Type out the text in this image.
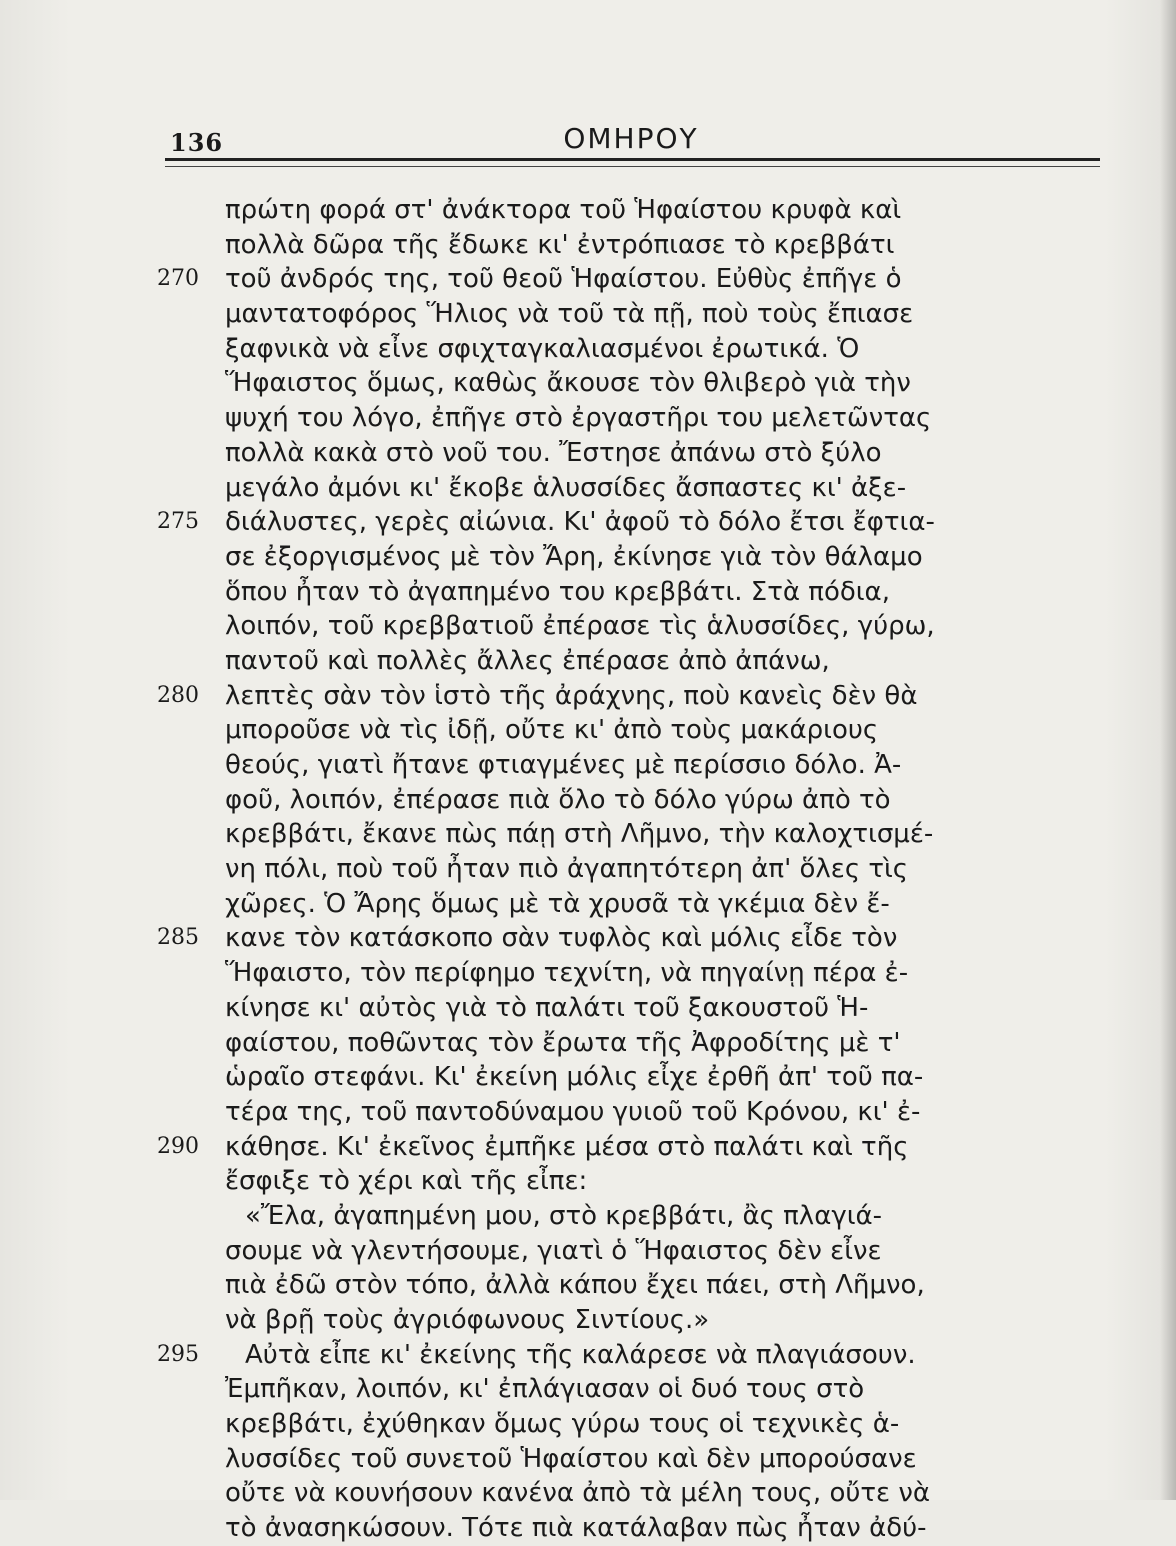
136	ΟΜΗΡΟΥ
πρώτη φορά στ' ἀνάκτορα τοῦ Ἡφαίστου κρυφὰ καὶ
πολλὰ δῶρα τῆς ἔδωκε κι' ἐντρόπιασε τὸ κρεββάτι
270 τοῦ ἀνδρός της, τοῦ θεοῦ Ἡφαίστου. Εὐθὺς ἐπῆγε ὁ
μαντατοφόρος Ἥλιος νὰ τοῦ τὰ πῇ, ποὺ τοὺς ἔπιασε
ξαφνικὰ νὰ εἶνε σφιχταγκαλιασμένοι ἐρωτικά. Ὁ
Ἥφαιστος ὅμως, καθὼς ἄκουσε τὸν θλιβερὸ γιὰ τὴν
ψυχή του λόγο, ἐπῆγε στὸ ἐργαστῆρι του μελετῶντας
πολλὰ κακὰ στὸ νοῦ του. Ἔστησε ἀπάνω στὸ ξύλο
μεγάλο ἀμόνι κι' ἔκοβε ἁλυσσίδες ἄσπαστες κι' ἀξε-
275 διάλυστες, γερὲς αἰώνια. Κι' ἀφοῦ τὸ δόλο ἔτσι ἔφτια-
σε ἐξοργισμένος μὲ τὸν Ἄρη, ἐκίνησε γιὰ τὸν θάλαμο
ὅπου ἦταν τὸ ἀγαπημένο του κρεββάτι. Στὰ πόδια,
λοιπόν, τοῦ κρεββατιοῦ ἐπέρασε τὶς ἁλυσσίδες, γύρω,
παντοῦ καὶ πολλὲς ἄλλες ἐπέρασε ἀπὸ ἀπάνω,
280 λεπτὲς σὰν τὸν ἱστὸ τῆς ἀράχνης, ποὺ κανεὶς δὲν θὰ
μποροῦσε νὰ τὶς ἰδῇ, οὔτε κι' ἀπὸ τοὺς μακάριους
θεούς, γιατὶ ἤτανε φτιαγμένες μὲ περίσσιο δόλο. Ἀ-
φοῦ, λοιπόν, ἐπέρασε πιὰ ὅλο τὸ δόλο γύρω ἀπὸ τὸ
κρεββάτι, ἔκανε πὼς πάῃ στὴ Λῆμνο, τὴν καλοχτισμέ-
νη πόλι, ποὺ τοῦ ἦταν πιὸ ἀγαπητότερη ἀπ' ὅλες τὶς
χῶρες. Ὁ Ἄρης ὅμως μὲ τὰ χρυσᾶ τὰ γκέμια δὲν ἔ-
285 κανε τὸν κατάσκοπο σὰν τυφλὸς καὶ μόλις εἶδε τὸν
Ἥφαιστο, τὸν περίφημο τεχνίτη, νὰ πηγαίνῃ πέρα ἐ-
κίνησε κι' αὐτὸς γιὰ τὸ παλάτι τοῦ ξακουστοῦ Ἡ-
φαίστου, ποθῶντας τὸν ἔρωτα τῆς Ἀφροδίτης μὲ τ'
ὡραῖο στεφάνι. Κι' ἐκείνη μόλις εἶχε ἐρθῆ ἀπ' τοῦ πα-
τέρα της, τοῦ παντοδύναμου γυιοῦ τοῦ Κρόνου, κι' ἐ-
290 κάθησε. Κι' ἐκεῖνος ἐμπῆκε μέσα στὸ παλάτι καὶ τῆς
ἔσφιξε τὸ χέρι καὶ τῆς εἶπε:
«Ἔλα, ἀγαπημένη μου, στὸ κρεββάτι, ἂς πλαγιά-
σουμε νὰ γλεντήσουμε, γιατὶ ὁ Ἥφαιστος δὲν εἶνε
πιὰ ἐδῶ στὸν τόπο, ἀλλὰ κάπου ἔχει πάει, στὴ Λῆμνο,
νὰ βρῇ τοὺς ἀγριόφωνους Σιντίους.»
295 Αὐτὰ εἶπε κι' ἐκείνης τῆς καλάρεσε νὰ πλαγιάσουν.
Ἐμπῆκαν, λοιπόν, κι' ἐπλάγιασαν οἱ δυό τους στὸ
κρεββάτι, ἐχύθηκαν ὅμως γύρω τους οἱ τεχνικὲς ἁ-
λυσσίδες τοῦ συνετοῦ Ἡφαίστου καὶ δὲν μπορούσανε
οὔτε νὰ κουνήσουν κανένα ἀπὸ τὰ μέλη τους, οὔτε νὰ
τὸ ἀνασηκώσουν. Τότε πιὰ κατάλαβαν πὼς ἦταν ἀδύ-
